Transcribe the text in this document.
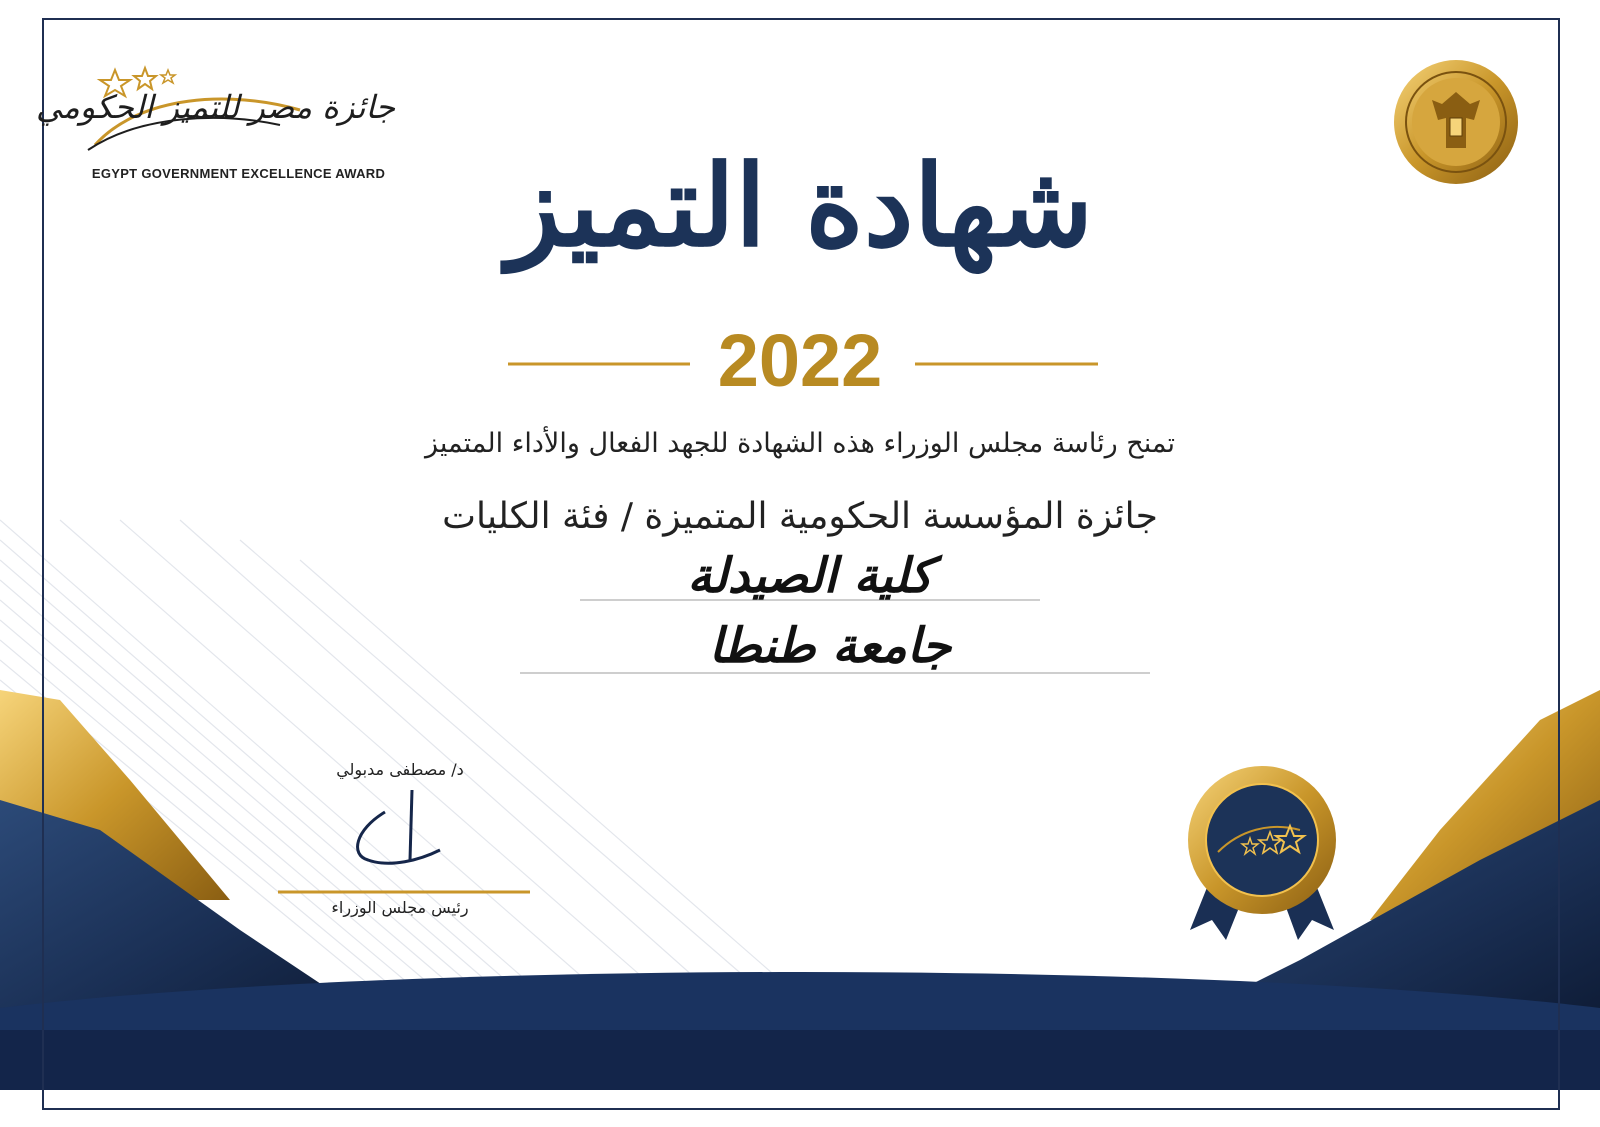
جائزة مصر للتميز الحكومي
EGYPT GOVERNMENT EXCELLENCE AWARD شهادة التميز
2022
تمنح رئاسة مجلس الوزراء هذه الشهادة للجهد الفعال والأداء المتميز
جائزة المؤسسة الحكومية المتميزة / فئة الكليات
كلية الصيدلة
جامعة طنطا
د/ مصطفى مدبولي
رئيس مجلس الوزراء
